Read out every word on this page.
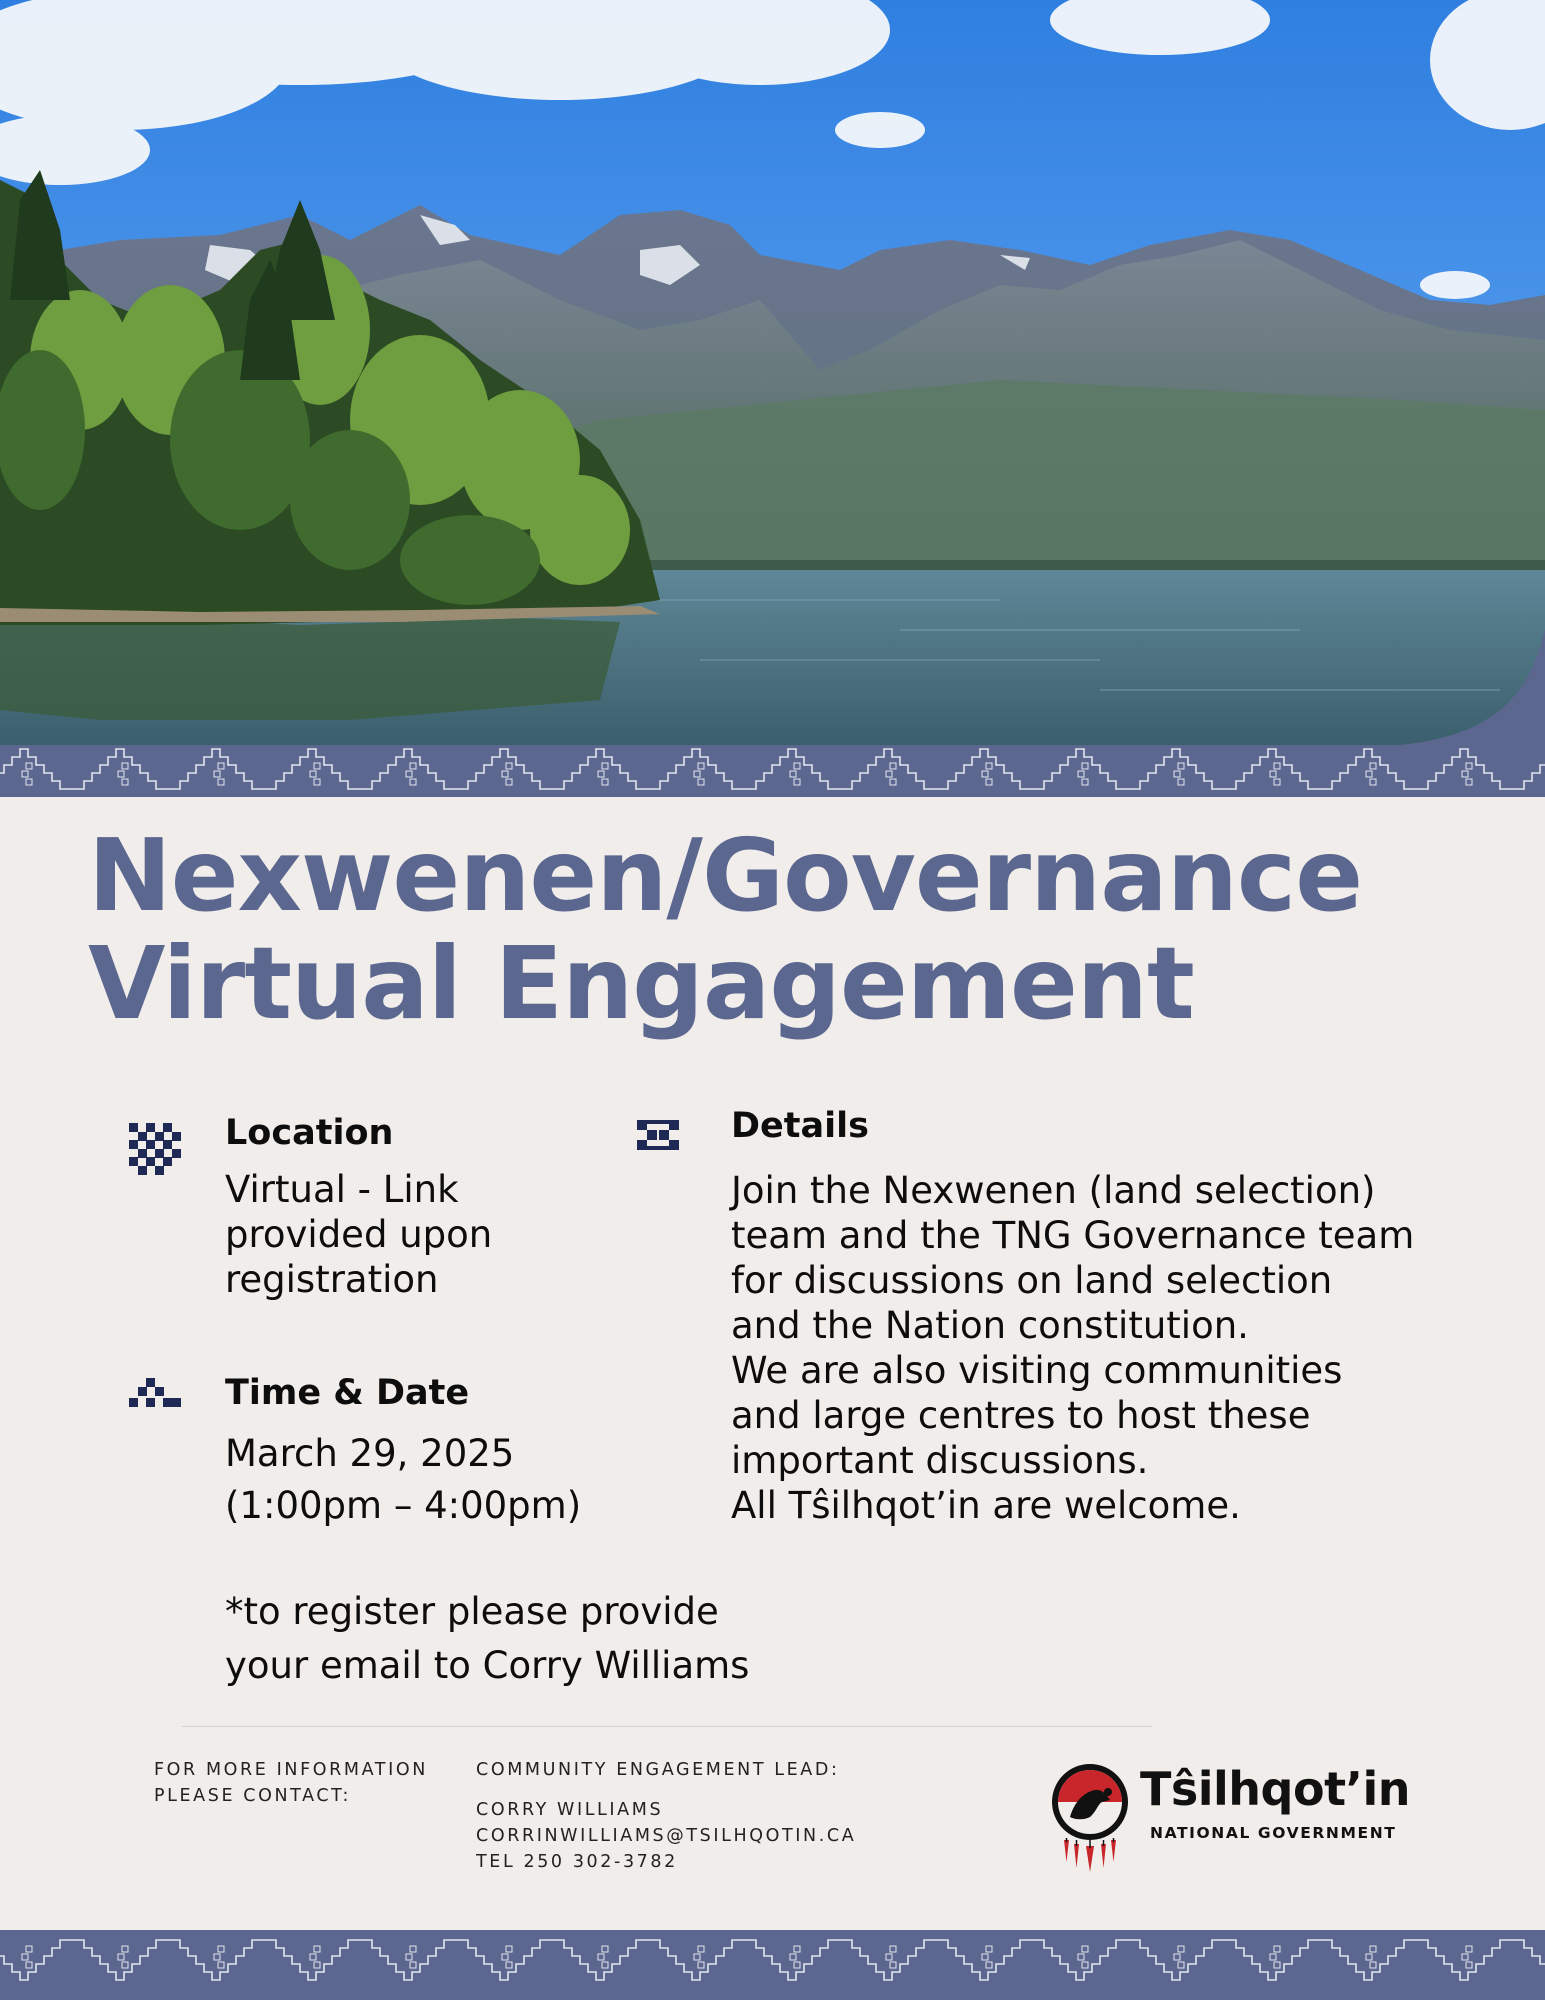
Nexwenen/Governance
Virtual Engagement
Location
Virtual - Link
provided upon
registration
Time & Date
March 29, 2025
(1:00pm – 4:00pm)
*to register please provide
your email to Corry Williams
Details
Join the Nexwenen (land selection)
team and the TNG Governance team
for discussions on land selection
and the Nation constitution.
We are also visiting communities
and large centres to host these
important discussions.
All Tŝilhqot’in are welcome.
FOR MORE INFORMATION
PLEASE CONTACT:
COMMUNITY ENGAGEMENT LEAD:
CORRY WILLIAMS
CORRINWILLIAMS@TSILHQOTIN.CA
TEL 250 302-3782
Tŝilhqot’in
NATIONAL GOVERNMENT
